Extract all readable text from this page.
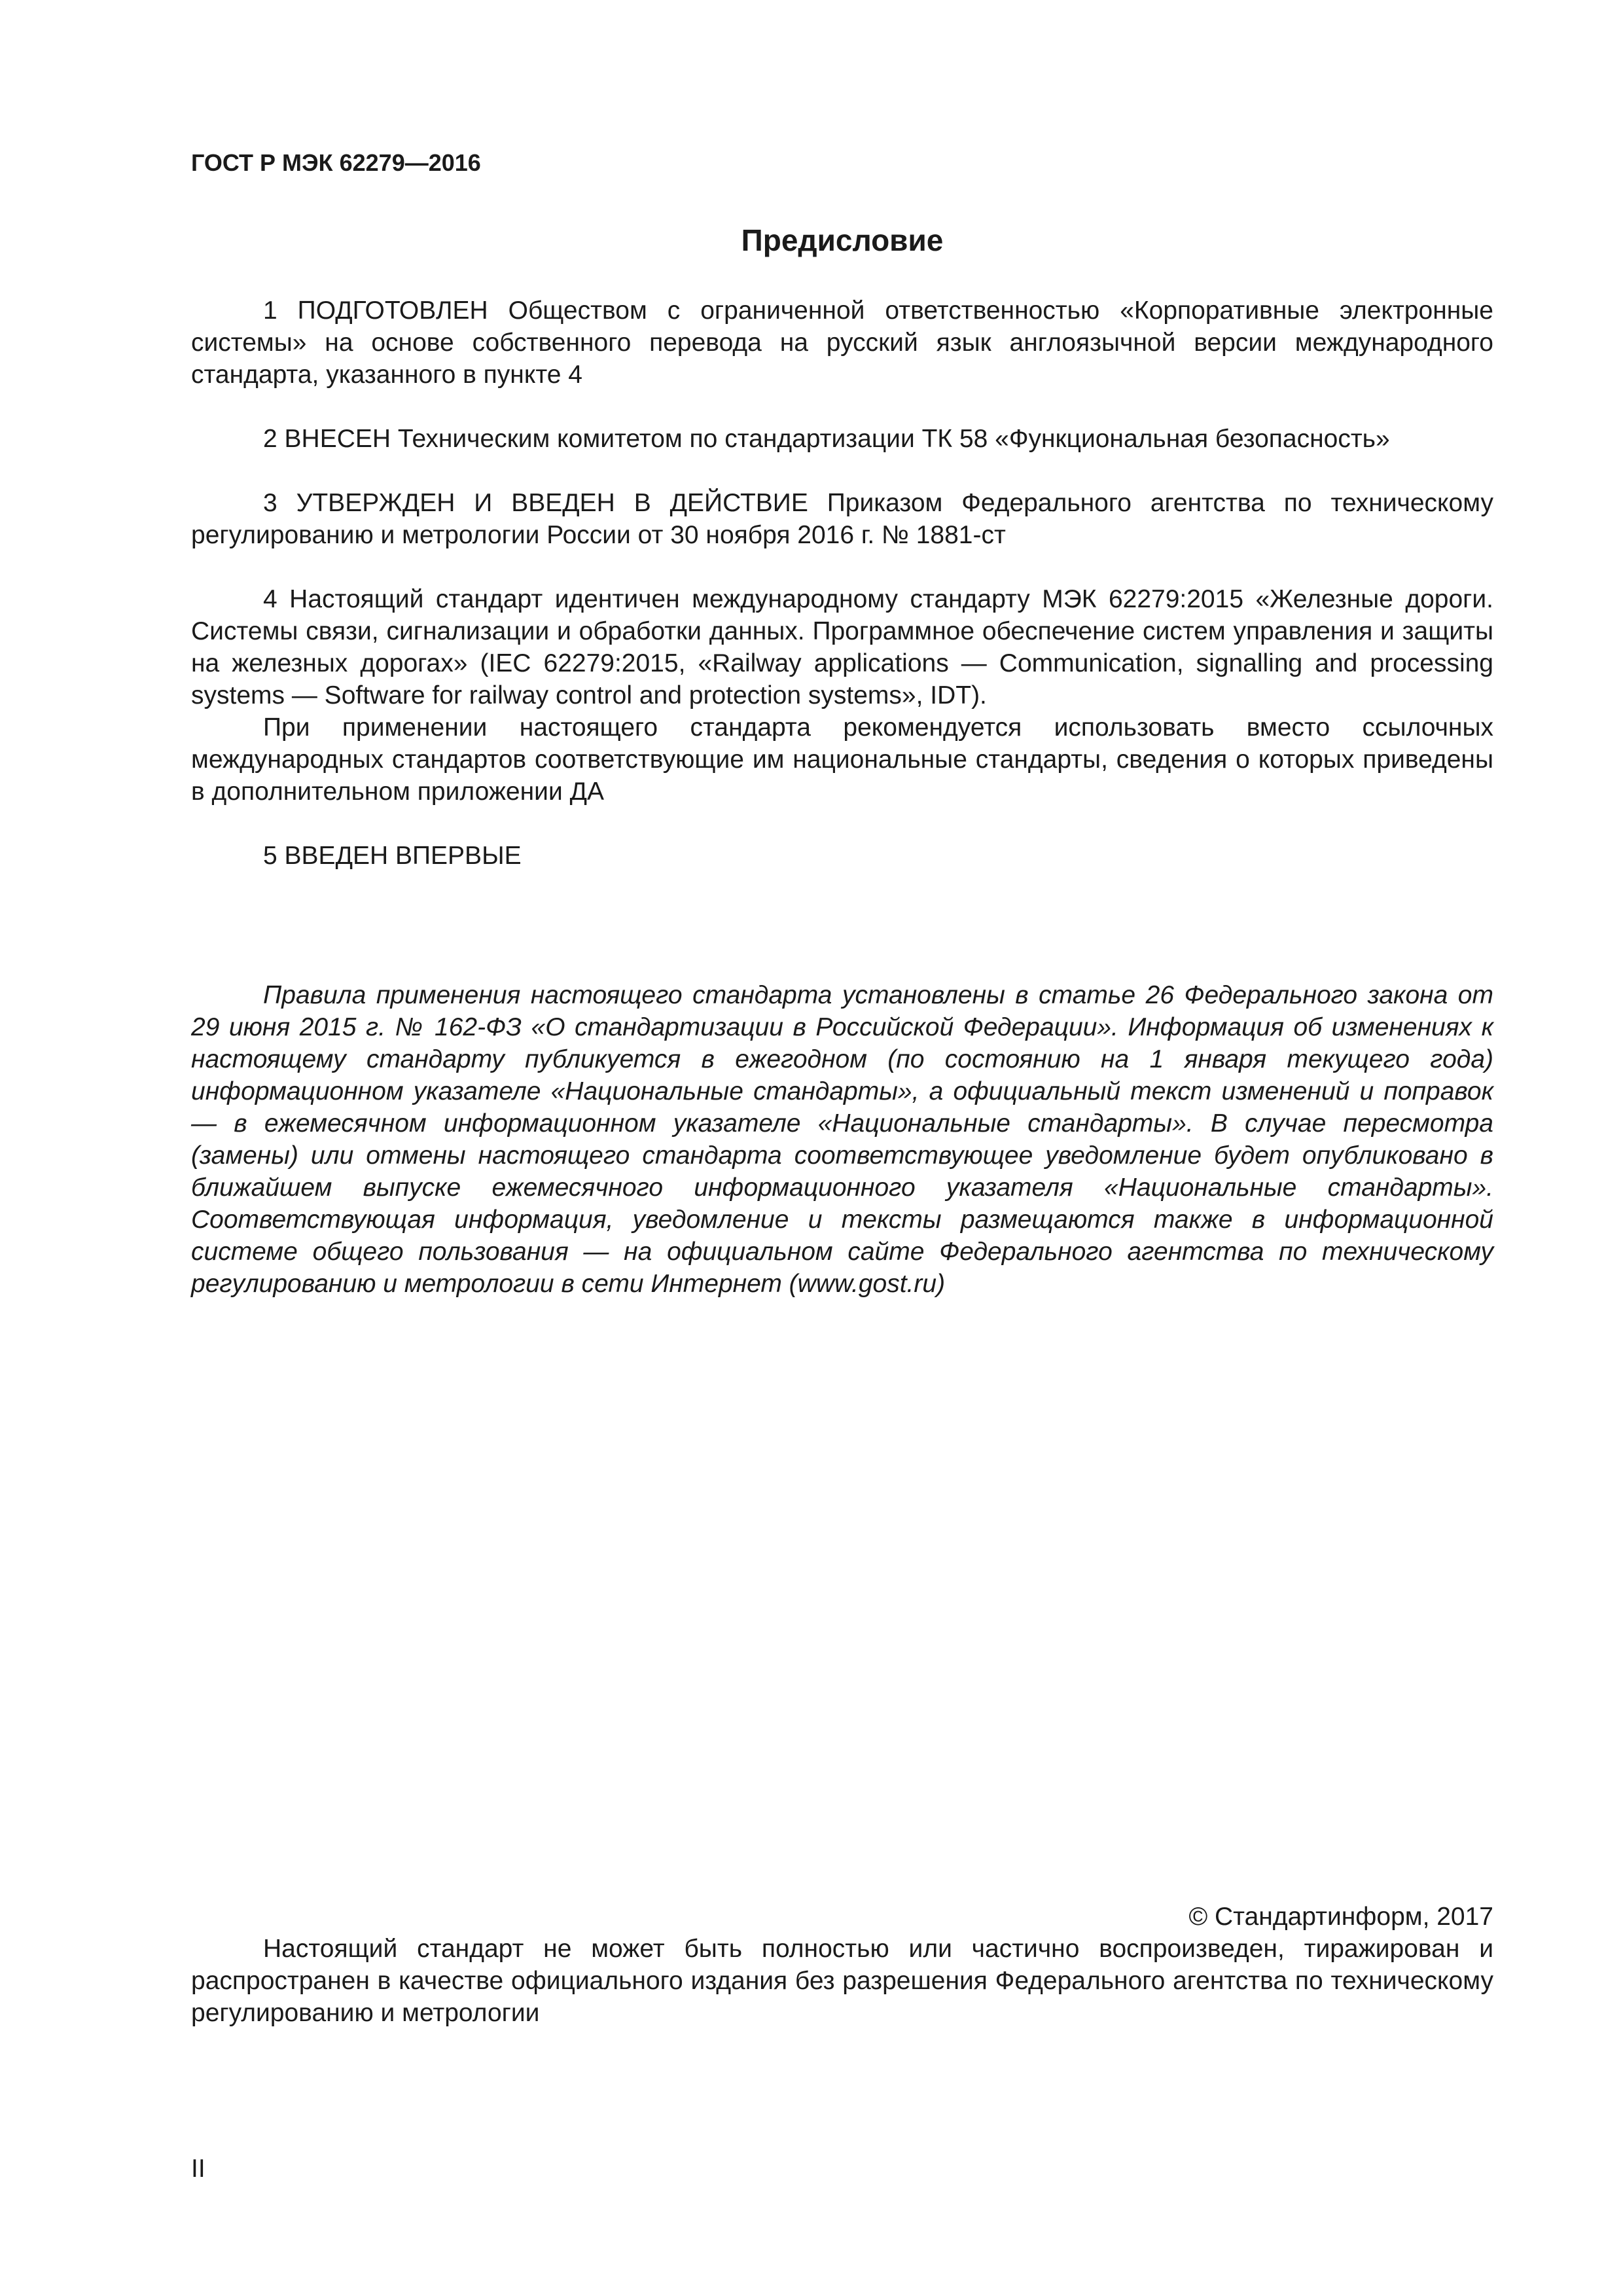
ГОСТ Р МЭК 62279—2016
Предисловие

1 ПОДГОТОВЛЕН Обществом с ограниченной ответственностью «Корпоративные электронные системы» на основе собственного перевода на русский язык англоязычной версии международного стандарта, указанного в пункте 4

2 ВНЕСЕН Техническим комитетом по стандартизации ТК 58 «Функциональная безопасность»

3 УТВЕРЖДЕН И ВВЕДЕН В ДЕЙСТВИЕ Приказом Федерального агентства по техническому регулированию и метрологии России от 30 ноября 2016 г. № 1881-ст

4 Настоящий стандарт идентичен международному стандарту МЭК 62279:2015 «Железные дороги. Системы связи, сигнализации и обработки данных. Программное обеспечение систем управления и защиты на железных дорогах» (IEC 62279:2015, «Railway applications — Communication, signalling and processing systems — Software for railway control and protection systems», IDT).

При применении настоящего стандарта рекомендуется использовать вместо ссылочных международных стандартов соответствующие им национальные стандарты, сведения о которых приведены в дополнительном приложении ДА

5 ВВЕДЕН ВПЕРВЫЕ

Правила применения настоящего стандарта установлены в статье 26 Федерального закона от 29 июня 2015 г. № 162-ФЗ «О стандартизации в Российской Федерации». Информация об изменениях к настоящему стандарту публикуется в ежегодном (по состоянию на 1 января текущего года) информационном указателе «Национальные стандарты», а официальный текст изменений и поправок — в ежемесячном информационном указателе «Национальные стандарты». В случае пересмотра (замены) или отмены настоящего стандарта соответствующее уведомление будет опубликовано в ближайшем выпуске ежемесячного информационного указателя «Национальные стандарты». Соответствующая информация, уведомление и тексты размещаются также в информационной системе общего пользования — на официальном сайте Федерального агентства по техническому регулированию и метрологии в сети Интернет (www.gost.ru)

© Стандартинформ, 2017

Настоящий стандарт не может быть полностью или частично воспроизведен, тиражирован и распространен в качестве официального издания без разрешения Федерального агентства по техническому регулированию и метрологии

II
